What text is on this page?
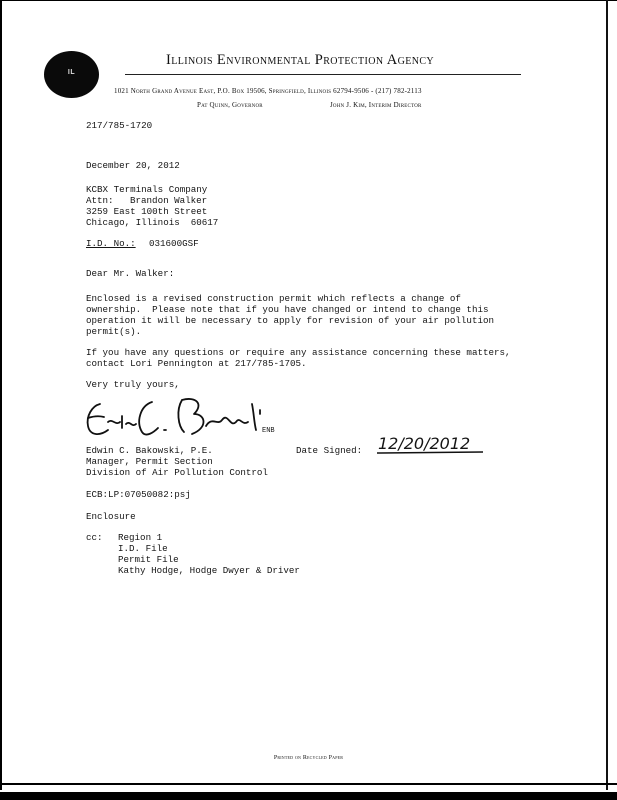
IL
Illinois Environmental Protection Agency
1021 North Grand Avenue East, P.O. Box 19506, Springfield, Illinois 62794-9506 - (217) 782-2113
Pat Quinn, Governor	John J. Kim, Interim Director
217/785-1720
December 20, 2012
KCBX Terminals Company
Attn: Brandon Walker
3259 East 100th Street
Chicago, Illinois  60617
I.D. No.: 031600GSF
Dear Mr. Walker:
Enclosed is a revised construction permit which reflects a change of
ownership.  Please note that if you have changed or intend to change this
operation it will be necessary to apply for revision of your air pollution
permit(s).
If you have any questions or require any assistance concerning these matters,
contact Lori Pennington at 217/785-1705.
Very truly yours,
ENB
Edwin C. Bakowski, P.E.
Manager, Permit Section
Division of Air Pollution Control
Date Signed: 12/20/2012
ECB:LP:07050082:psj
Enclosure
cc: Region 1
I.D. File
Permit File
Kathy Hodge, Hodge Dwyer & Driver
Printed on Recycled Paper
